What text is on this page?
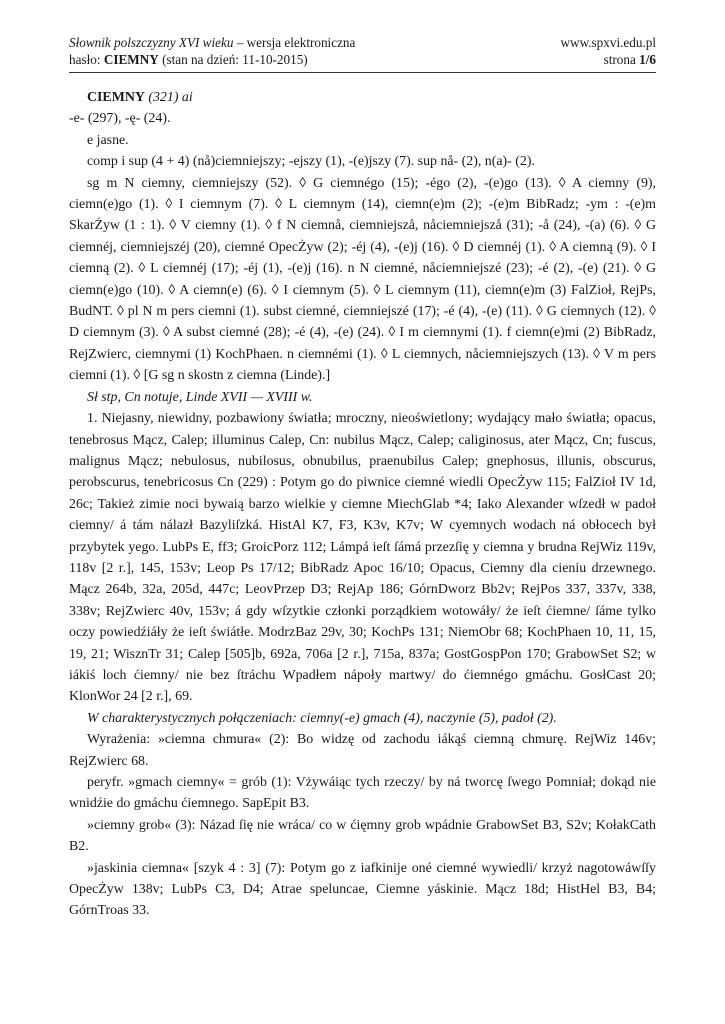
Słownik polszczyzny XVI wieku – wersja elektroniczna	www.spxvi.edu.pl
hasło: CIEMNY (stan na dzień: 11-10-2015)	strona 1/6

CIEMNY (321) ai

-e- (297), -ę- (24).

e jasne.

comp i sup (4 + 4) (nå)ciemniejszy; -ejszy (1), -(e)jszy (7). sup nå- (2), n(a)- (2).

sg m N ciemny, ciemniejszy (52). ◊ G ciemnégo (15); -égo (2), -(e)go (13). ◊ A ciemny (9), ciemn(e)go (1). ◊ I ciemnym (7). ◊ L ciemnym (14), ciemn(e)m (2); -(e)m BibRadz; -ym : -(e)m SkarŻyw (1 : 1). ◊ V ciemny (1). ◊ f N ciemnå, ciemniejszå, nåciemniejszå (31); -å (24), -(a) (6). ◊ G ciemnéj, ciemniejszéj (20), ciemné OpecŻyw (2); -éj (4), -(e)j (16). ◊ D ciemnéj (1). ◊ A ciemną (9). ◊ I ciemną (2). ◊ L ciemnéj (17); -éj (1), -(e)j (16). n N ciemné, nåciemniejszé (23); -é (2), -(e) (21). ◊ G ciemn(e)go (10). ◊ A ciemn(e) (6). ◊ I ciemnym (5). ◊ L ciemnym (11), ciemn(e)m (3) FalZioł, RejPs, BudNT. ◊ pl N m pers ciemni (1). subst ciemné, ciemniejszé (17); -é (4), -(e) (11). ◊ G ciemnych (12). ◊ D ciemnym (3). ◊ A subst ciemné (28); -é (4), -(e) (24). ◊ I m ciemnymi (1). f ciemn(e)mi (2) BibRadz, RejZwierc, ciemnymi (1) KochPhaen. n ciemnémi (1). ◊ L ciemnych, nåciemniejszych (13). ◊ V m pers ciemni (1). ◊ [G sg n skostn z ciemna (Linde).]

Sł stp, Cn notuje, Linde XVII — XVIII w.

1. Niejasny, niewidny, pozbawiony światła; mroczny, nieoświetlony; wydający mało światła; opacus, tenebrosus Mącz, Calep; illuminus Calep, Cn: nubilus Mącz, Calep; caliginosus, ater Mącz, Cn; fuscus, malignus Mącz; nebulosus, nubilosus, obnubilus, praenubilus Calep; gnephosus, illunis, obscurus, perobscurus, tenebricosus Cn (229) : Potym go do piwnice ciemné wiedli OpecŻyw 115; FalZioł IV 1d, 26c; Takież zimie noci bywaią barzo wielkie y ciemne MiechGlab *4; Iako Alexander wſzedł w padoł ciemny/ á tám nálazł Bazyliſzká. HistAl K7, F3, K3v, K7v; W cyemnych wodach ná obłocech był przybytek yego. LubPs E, ff3; GroicPorz 112; Lámpá ieſt ſámá przezſię y ciemna y brudna RejWiz 119v, 118v [2 r.], 145, 153v; Leop Ps 17/12; BibRadz Apoc 16/10; Opacus, Ciemny dla cieniu drzewnego. Mącz 264b, 32a, 205d, 447c; LeovPrzep D3; RejAp 186; GórnDworz Bb2v; RejPos 337, 337v, 338, 338v; RejZwierc 40v, 153v; á gdy wſzytkie członki porządkiem wotowáły/ że ieſt ćiemne/ ſáme tylko oczy powiedźiáły że ieſt świátłe. ModrzBaz 29v, 30; KochPs 131; NiemObr 68; KochPhaen 10, 11, 15, 19, 21; WisznTr 31; Calep [505]b, 692a, 706a [2 r.], 715a, 837a; GostGospPon 170; GrabowSet S2; w iákiś loch ćiemny/ nie bez ſtráchu Wpadłem nápoły martwy/ do ćiemnégo gmáchu. GosłCast 20; KlonWor 24 [2 r.], 69.

W charakterystycznych połączeniach: ciemny(-e) gmach (4), naczynie (5), padoł (2).

Wyrażenia: »ciemna chmura« (2): Bo widzę od zachodu iákąś ciemną chmurę. RejWiz 146v; RejZwierc 68.

peryfr. »gmach ciemny« = grób (1): Vżywáiąc tych rzeczy/ by ná tworcę ſwego Pomniał; dokąd nie wnidźie do gmáchu ćiemnego. SapEpit B3.

»ciemny grob« (3): Názad ſię nie wráca/ co w ćięmny grob wpádnie GrabowSet B3, S2v; KołakCath B2.

»jaskinia ciemna« [szyk 4 : 3] (7): Potym go z iafkinije oné ciemné wywiedli/ krzyż nagotowáwſſy OpecŻyw 138v; LubPs C3, D4; Atrae speluncae, Ciemne yáskinie. Mącz 18d; HistHel B3, B4; GórnTroas 33.
